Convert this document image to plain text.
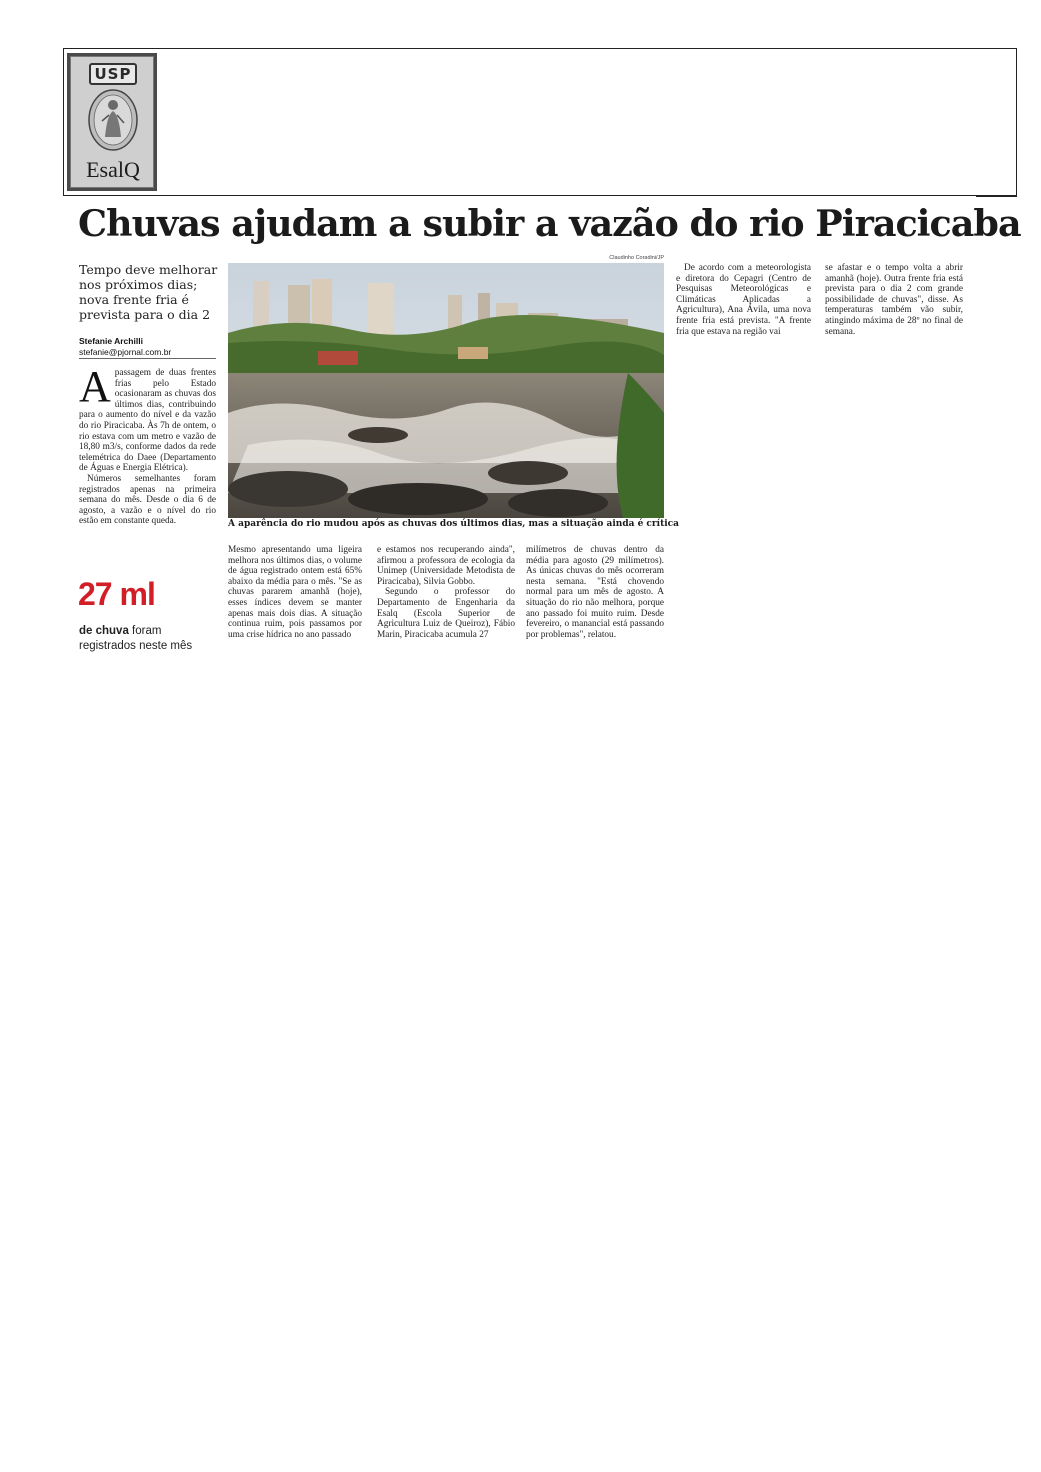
USP
EsalQ
Chuvas ajudam a subir a vazão do rio Piracicaba
Tempo deve melhorar nos próximos dias; nova frente fria é prevista para o dia 2
Stefanie Archilli
stefanie@pjornal.com.br
A passagem de duas frentes frias pelo Estado ocasionaram as chuvas dos últimos dias, contribuindo para o aumento do nível e da vazão do rio Piracicaba. Às 7h de ontem, o rio estava com um metro e vazão de 18,80 m3/s, conforme dados da rede telemétrica do Daee (Departamento de Águas e Energia Elétrica).

Números semelhantes foram registrados apenas na primeira semana do mês. Desde o dia 6 de agosto, a vazão e o nível do rio estão em constante queda.

27 ml
de chuva foram registrados neste mês
Claudinho Coradini/JP
A aparência do rio mudou após as chuvas dos últimos dias, mas a situação ainda é crítica
Mesmo apresentando uma ligeira melhora nos últimos dias, o volume de água registrado ontem está 65% abaixo da média para o mês. "Se as chuvas pararem amanhã (hoje), esses índices devem se manter apenas mais dois dias. A situação continua ruim, pois passamos por uma crise hídrica no ano passado
e estamos nos recuperando ainda", afirmou a professora de ecologia da Unimep (Universidade Metodista de Piracicaba), Silvia Gobbo.

Segundo o professor do Departamento de Engenharia da Esalq (Escola Superior de Agricultura Luiz de Queiroz), Fábio Marin, Piracicaba acumula 27

milímetros de chuvas dentro da média para agosto (29 milímetros). As únicas chuvas do mês ocorreram nesta semana. "Está chovendo normal para um mês de agosto. A situação do rio não melhora, porque ano passado foi muito ruim. Desde fevereiro, o manancial está passando por problemas", relatou.

De acordo com a meteorologista e diretora do Cepagri (Centro de Pesquisas Meteorológicas e Climáticas Aplicadas a Agricultura), Ana Ávila, uma nova frente fria está prevista. "A frente fria que estava na região vai

se afastar e o tempo volta a abrir amanhã (hoje). Outra frente fria está prevista para o dia 2 com grande possibilidade de chuvas", disse. As temperaturas também vão subir, atingindo máxima de 28º no final de semana.
